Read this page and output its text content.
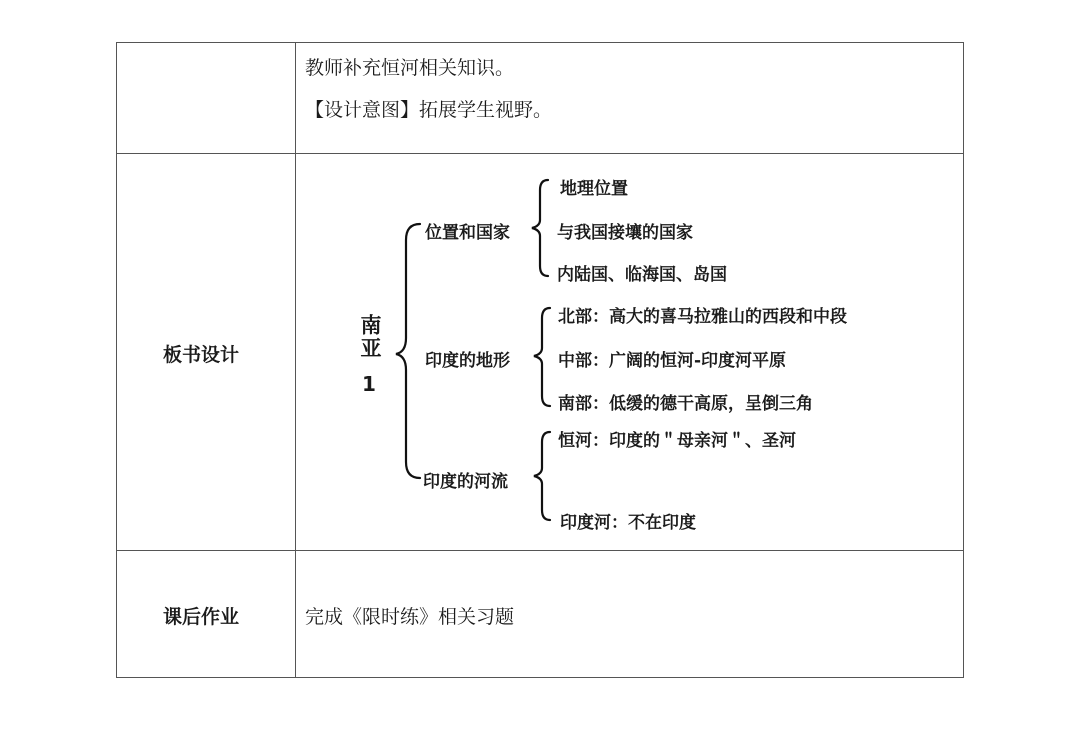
教师补充恒河相关知识。
【设计意图】拓展学生视野。
板书设计	南亚
1
位置和国家
印度的地形
印度的河流
地理位置
与我国接壤的国家
内陆国、临海国、岛国
北部：高大的喜马拉雅山的西段和中段
中部：广阔的恒河-印度河平原
南部：低缓的德干高原，呈倒三角
恒河：印度的＂母亲河＂、圣河
印度河：不在印度
课后作业	完成《限时练》相关习题
